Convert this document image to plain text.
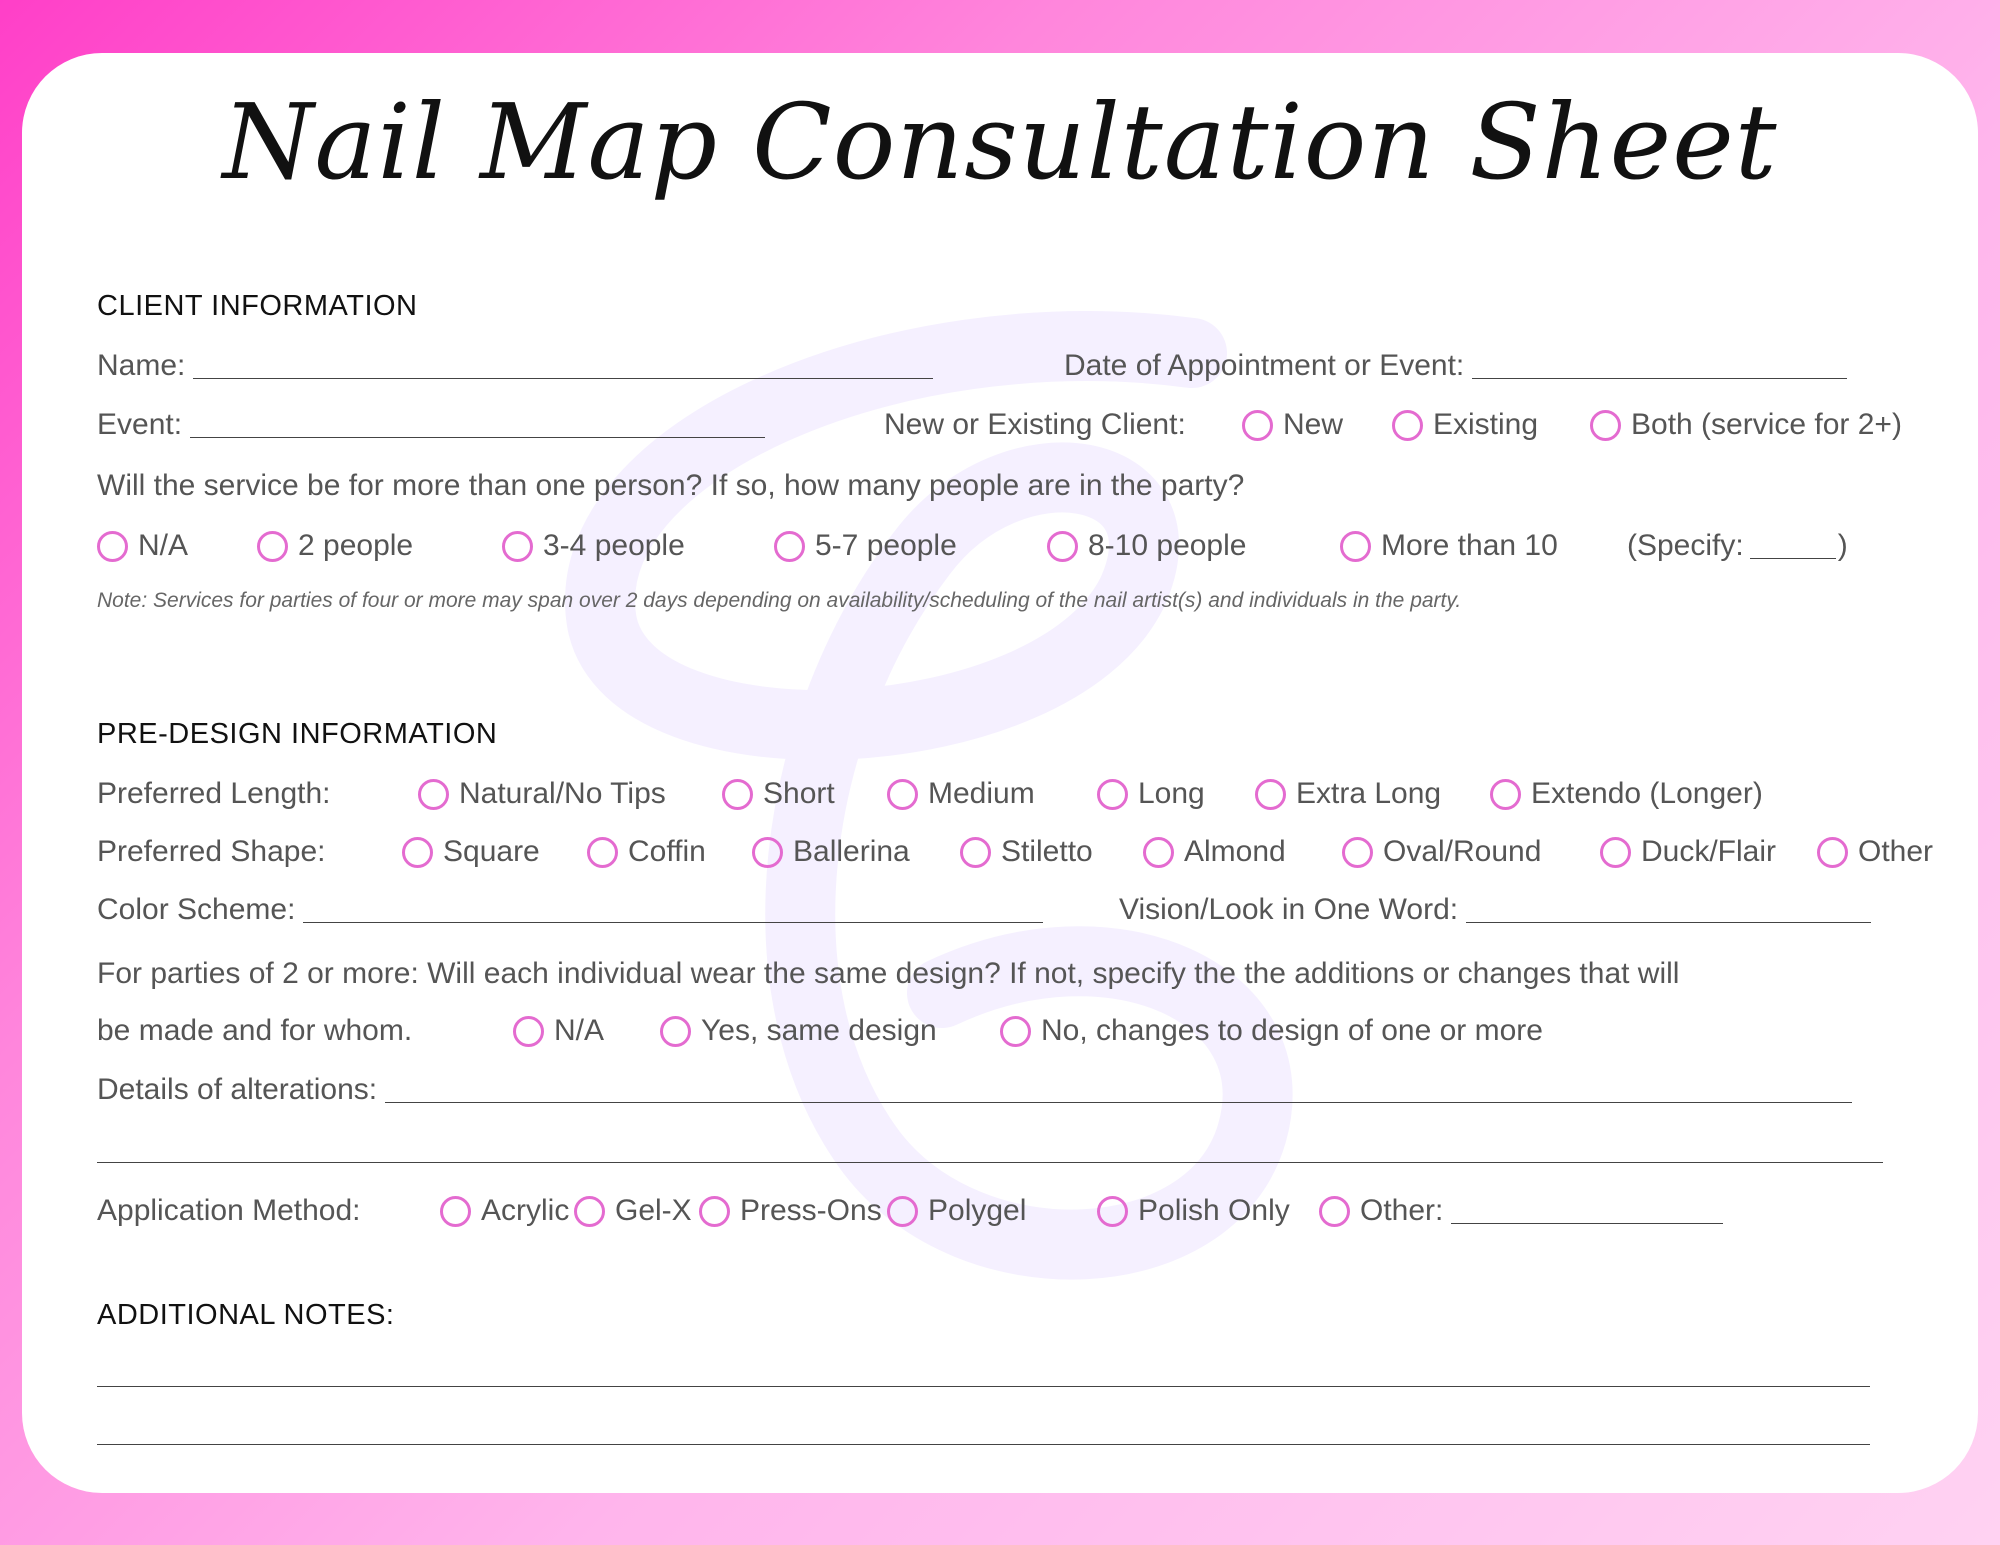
Nail Map Consultation Sheet
CLIENT INFORMATION
Name:	Date of Appointment or Event:
Event:	New or Existing Client:	New	Existing	Both (service for 2+)
Will the service be for more than one person? If so, how many people are in the party?
N/A	2 people	3-4 people	5-7 people	8-10 people	More than 10 (Specify:	)
Note: Services for parties of four or more may span over 2 days depending on availability/scheduling of the nail artist(s) and individuals in the party.
PRE-DESIGN INFORMATION
Preferred Length:	Natural/No Tips	Short	Medium	Long	Extra Long	Extendo (Longer)
Preferred Shape:	Square	Coffin	Ballerina	Stiletto	Almond	Oval/Round	Duck/Flair	Other
Color Scheme:	Vision/Look in One Word:
For parties of 2 or more: Will each individual wear the same design? If not, specify the the additions or changes that will
be made and for whom.	N/A	Yes, same design	No, changes to design of one or more
Details of alterations:
Application Method:	Acrylic Gel-X Press-Ons Polygel	Polish Only Other:
ADDITIONAL NOTES:
